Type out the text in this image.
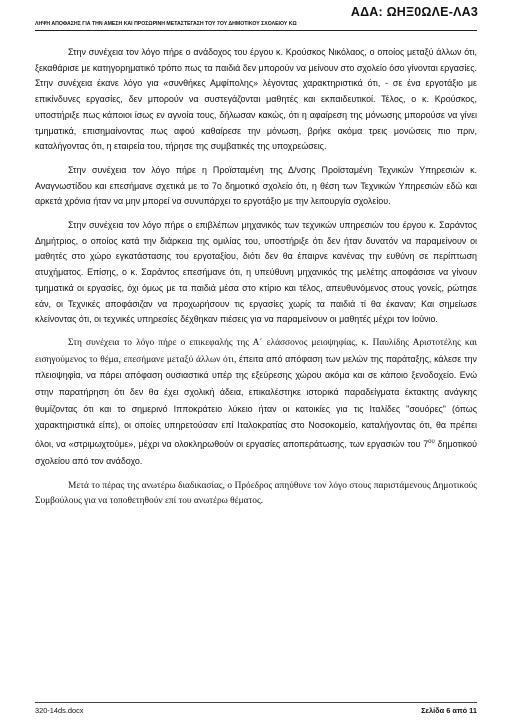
ΑΔΑ: ΩΗΞ0ΩΛΕ-ΛΑ3
ΛΗΨΗ ΑΠΟΦΑΣΗΣ ΓΙΑ ΤΗΝ ΑΜΕΣΗ ΚΑΙ ΠΡΟΣΩΡΙΝΗ ΜΕΤΑΣΤΕΓΑΣΗ ΤΟΥ 7ΟΥ ΔΗΜΟΤΙΚΟΥ ΣΧΟΛΕΙΟΥ ΚΩ

Στην συνέχεια τον λόγο πήρε ο ανάδοχος του έργου κ. Κρούσκος Νικόλαος, ο οποίος μεταξύ άλλων ότι, ξεκαθάρισε με κατηγορηματικό τρόπο πως τα παιδιά δεν μπορούν να μείνουν στο σχολείο όσο γίνονται εργασίες. Στην συνέχεια έκανε λόγο για «συνθήκες Αμφίπολης» λέγοντας χαρακτηριστικά ότι, - σε ένα εργοτάξιο με επικίνδυνες εργασίες, δεν μπορούν να συστεγάζονται μαθητές και εκπαιδευτικοί. Τέλος, ο κ. Κρούσκος, υποστήριξε πως κάποιοι ίσως εν αγνοία τους, δήλωσαν κακώς, ότι η αφαίρεση της μόνωσης μπορούσε να γίνει τμηματικά, επισημαίνοντας πως αφού καθαίρεσε την μόνωση, βρήκε ακόμα τρεις μονώσεις πιο πριν, καταλήγοντας ότι, η εταιρεία του, τήρησε της συμβατικές της υποχρεώσεις.

Στην συνέχεια τον λόγο πήρε η Προϊσταμένη της Δ/νσης Προϊσταμένη Τεχνικών Υπηρεσιών κ. Αναγνωστίδου και επεσήμανε σχετικά με το 7ο δημοτικό σχολείο ότι, η θέση των Τεχνικών Υπηρεσιών εδώ και αρκετά χρόνια ήταν να μην μπορεί να συνυπάρχει το εργοτάξιο με την λειτουργία σχολείου.

Στην συνέχεια τον λόγο πήρε ο επιβλέπων μηχανικός των τεχνικών υπηρεσιών του έργου κ. Σαράντος Δημήτριος, ο οποίος κατά την διάρκεια της ομιλίας του, υποστήριξε ότι δεν ήταν δυνατόν να παραμείνουν οι μαθητές στο χώρο εγκατάστασης του εργοταξίου, διότι δεν θα έπαιρνε κανένας την ευθύνη σε περίπτωση ατυχήματος. Επίσης, ο κ. Σαράντος επεσήμανε ότι, η υπεύθυνη μηχανικός της μελέτης αποφάσισε να γίνουν τμηματικά οι εργασίες, όχι όμως με τα παιδιά μέσα στο κτίριο και τέλος, απευθυνόμενος στους γονείς, ρώτησε εάν, οι Τεχνικές αποφάσιζαν να προχωρήσουν τις εργασίες χωρίς τα παιδιά τί θα έκαναν; Και σημείωσε κλείνοντας ότι, οι τεχνικές υπηρεσίες δέχθηκαν πιέσεις για να παραμείνουν οι μαθητές μέχρι τον Ιούνιο.

Στη συνέχεια το λόγο πήρε ο επικεφαλής της Α΄ ελάσσονος μειοψηφίας, κ. Παυλίδης Αριστοτέλης και εισηγούμενος το θέμα, επεσήμανε μεταξύ άλλων ότι, έπειτα από απόφαση των μελών της παράταξης, κάλεσε την πλειοψηφία, να πάρει απόφαση ουσιαστικά υπέρ της εξεύρεσης χώρου ακόμα και σε κάποιο ξενοδοχείο. Ενώ στην παρατήρηση ότι δεν θα έχει σχολική άδεια, επικαλέστηκε ιστορικά παραδείγματα έκτακτης ανάγκης θυμίζοντας ότι και το σημερινό Ιπποκράτειο λύκειο ήταν οι κατοικίες για τις Ιταλίδες "σουόρες" (όπως χαρακτηριστικά είπε), οι οποίες υπηρετούσαν επί Ιταλοκρατίας στο Νοσοκομείο, καταλήγοντας ότι, θα πρέπει όλοι, να «στριμωχτούμε», μέχρι να ολοκληρωθούν οι εργασίες αποπεράτωσης, των εργασιών του $7^{o\upsilon}$ δημοτικού σχολείου από τον ανάδοχο.

Μετά το πέρας της ανωτέρω διαδικασίας, ο Πρόεδρος απηύθυνε τον λόγο στους παριστάμενους Δημοτικούς Συμβούλους για να τοποθετηθούν επί του ανωτέρω θέματος.

320-14ds.docx	Σελίδα 6 από 11
